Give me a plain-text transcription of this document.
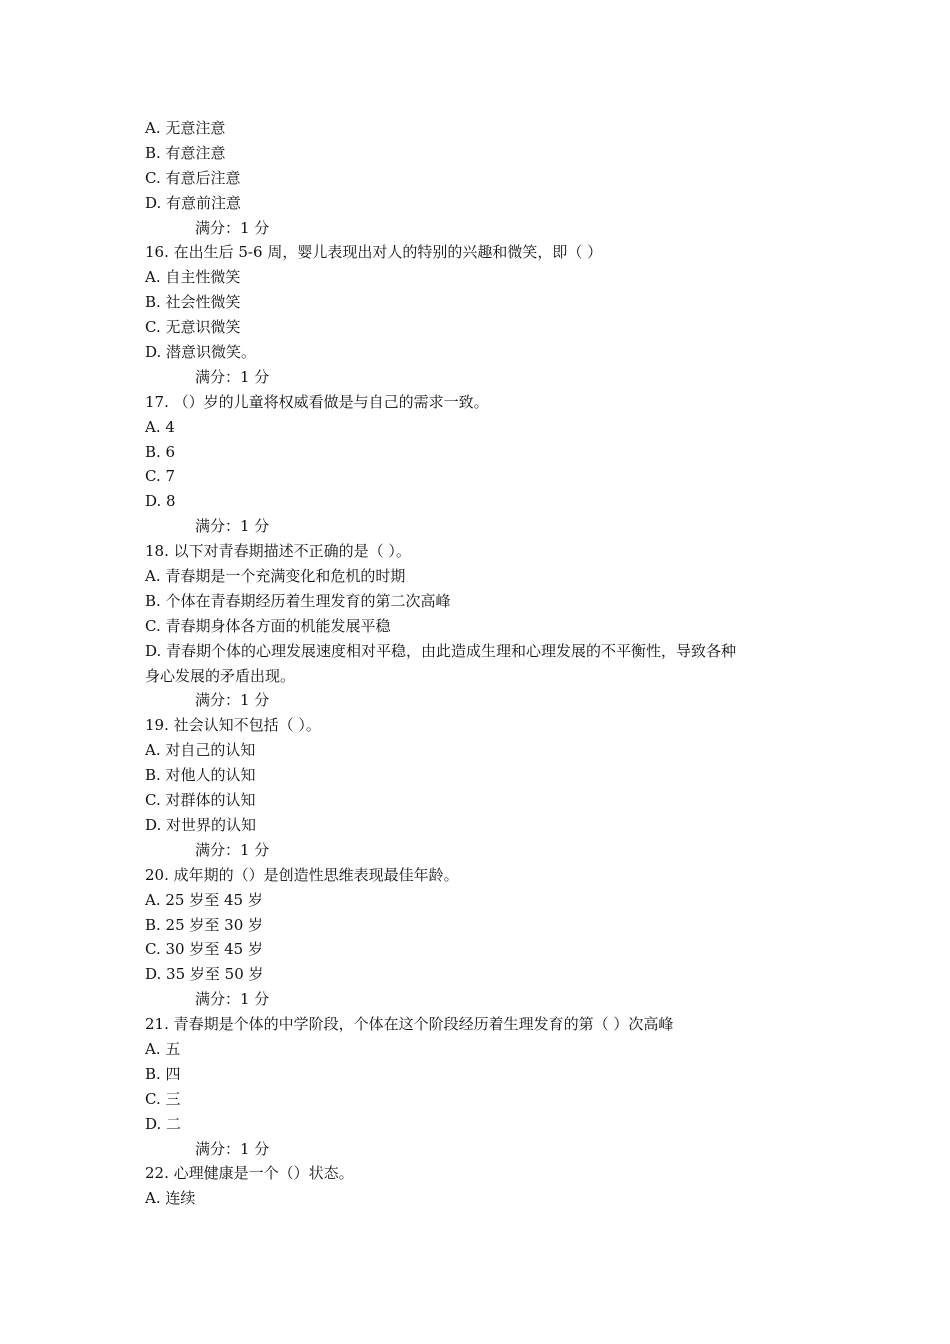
A. 无意注意
B. 有意注意
C. 有意后注意
D. 有意前注意
满分：1 分
16. 在出生后 5-6 周，婴儿表现出对人的特别的兴趣和微笑，即（ ）
A. 自主性微笑
B. 社会性微笑
C. 无意识微笑
D. 潜意识微笑。
满分：1 分
17. （）岁的儿童将权威看做是与自己的需求一致。
A. 4
B. 6
C. 7
D. 8
满分：1 分
18. 以下对青春期描述不正确的是（ ）。
A. 青春期是一个充满变化和危机的时期
B. 个体在青春期经历着生理发育的第二次高峰
C. 青春期身体各方面的机能发展平稳
D. 青春期个体的心理发展速度相对平稳，由此造成生理和心理发展的不平衡性，导致各种
身心发展的矛盾出现。
满分：1 分
19. 社会认知不包括（ ）。
A. 对自己的认知
B. 对他人的认知
C. 对群体的认知
D. 对世界的认知
满分：1 分
20. 成年期的（）是创造性思维表现最佳年龄。
A. 25 岁至 45 岁
B. 25 岁至 30 岁
C. 30 岁至 45 岁
D. 35 岁至 50 岁
满分：1 分
21. 青春期是个体的中学阶段，个体在这个阶段经历着生理发育的第（ ）次高峰
A. 五
B. 四
C. 三
D. 二
满分：1 分
22. 心理健康是一个（）状态。
A. 连续
